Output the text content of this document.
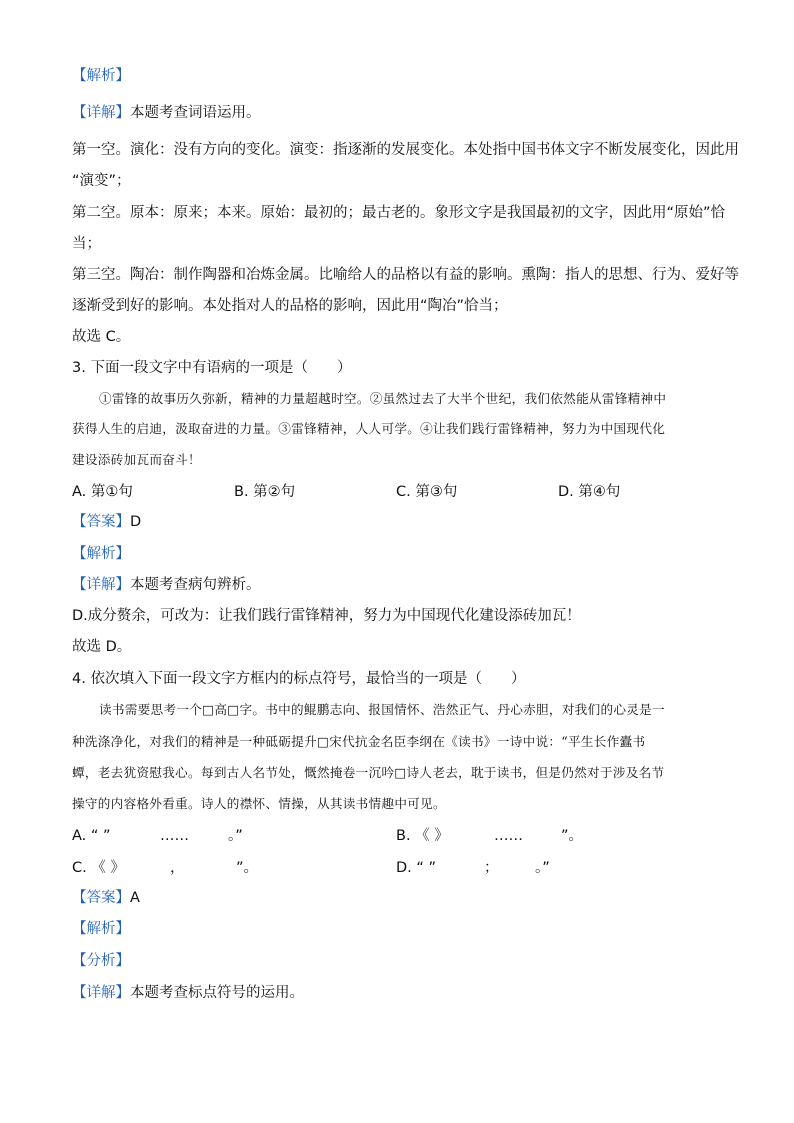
【解析】
【详解】本题考查词语运用。
第一空。演化：没有方向的变化。演变：指逐渐的发展变化。本处指中国书体文字不断发展变化，因此用
“演变”；
第二空。原本：原来；本来。原始：最初的；最古老的。象形文字是我国最初的文字，因此用“原始”恰
当；
第三空。陶冶：制作陶器和冶炼金属。比喻给人的品格以有益的影响。熏陶：指人的思想、行为、爱好等
逐渐受到好的影响。本处指对人的品格的影响，因此用“陶冶”恰当；
故选 C。
3. 下面一段文字中有语病的一项是（　　）
①雷锋的故事历久弥新，精神的力量超越时空。②虽然过去了大半个世纪，我们依然能从雷锋精神中
获得人生的启迪，汲取奋进的力量。③雷锋精神，人人可学。④让我们践行雷锋精神，努力为中国现代化
建设添砖加瓦而奋斗！
A. 第①句	B. 第②句	C. 第③句	D. 第④句
【答案】D
【解析】
【详解】本题考查病句辨析。
D.成分赘余，可改为：让我们践行雷锋精神，努力为中国现代化建设添砖加瓦！
故选 D。
4. 依次填入下面一段文字方框内的标点符号，最恰当的一项是（　　）
读书需要思考一个□高□字。书中的鲲鹏志向、报国情怀、浩然正气、丹心赤胆，对我们的心灵是一
种洗涤净化，对我们的精神是一种砥砺提升□宋代抗金名臣李纲在《读书》一诗中说：“平生长作蠹书
蟫，老去犹资慰我心。每到古人名节处，慨然掩卷一沉吟□诗人老去，耽于读书，但是仍然对于涉及名节
操守的内容格外看重。诗人的襟怀、情操，从其读书情趣中可见。
A. “ ”	……	。”	B. 《 》	……	”。
C. 《 》	，	”。	D. “ ”	；	。”
【答案】A
【解析】
【分析】
【详解】本题考查标点符号的运用。
